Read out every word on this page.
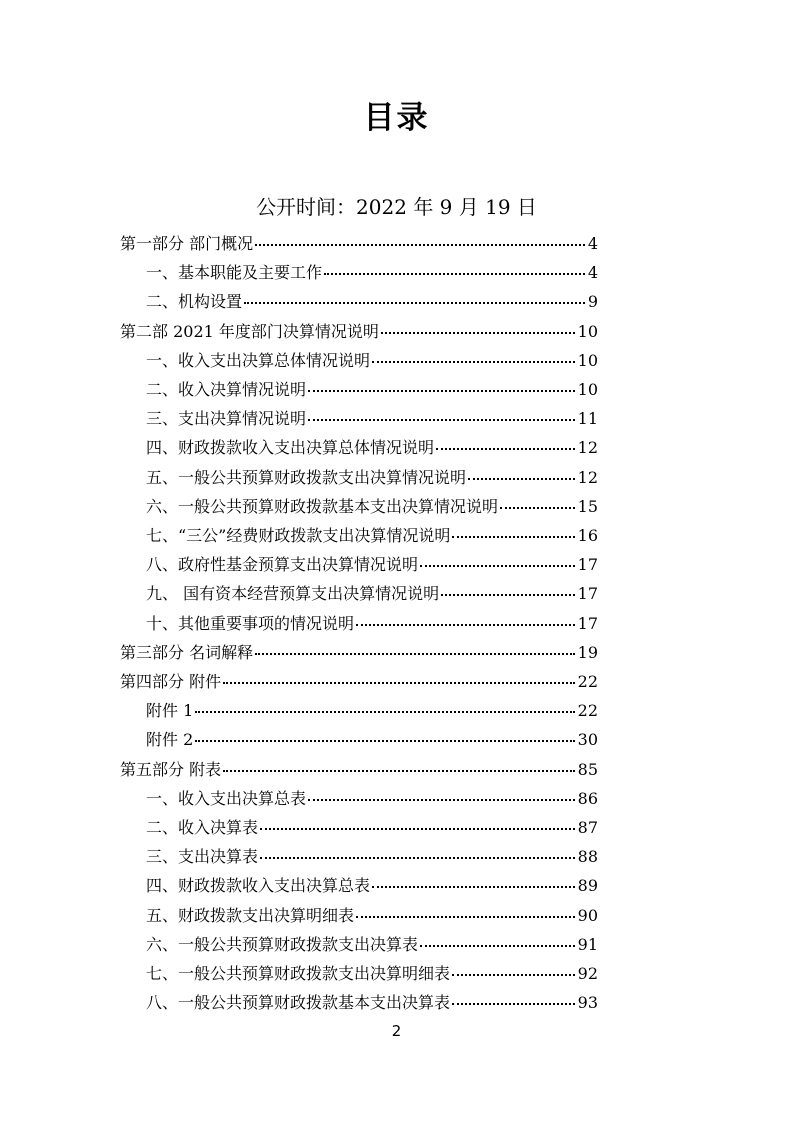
目录
公开时间：2022 年 9 月 19 日
第一部分 部门概况	4
一、基本职能及主要工作	4
二、机构设置	9
第二部 2021 年度部门决算情况说明	10
一、收入支出决算总体情况说明	10
二、收入决算情况说明	10
三、支出决算情况说明	11
四、财政拨款收入支出决算总体情况说明	12
五、一般公共预算财政拨款支出决算情况说明	12
六、一般公共预算财政拨款基本支出决算情况说明	15
七、“三公”经费财政拨款支出决算情况说明	16
八、政府性基金预算支出决算情况说明	17
九、 国有资本经营预算支出决算情况说明	17
十、其他重要事项的情况说明	17
第三部分 名词解释	19
第四部分 附件	22
附件 1	22
附件 2	30
第五部分 附表	85
一、收入支出决算总表	86
二、收入决算表	87
三、支出决算表	88
四、财政拨款收入支出决算总表	89
五、财政拨款支出决算明细表	90
六、一般公共预算财政拨款支出决算表	91
七、一般公共预算财政拨款支出决算明细表	92
八、一般公共预算财政拨款基本支出决算表	93
2
